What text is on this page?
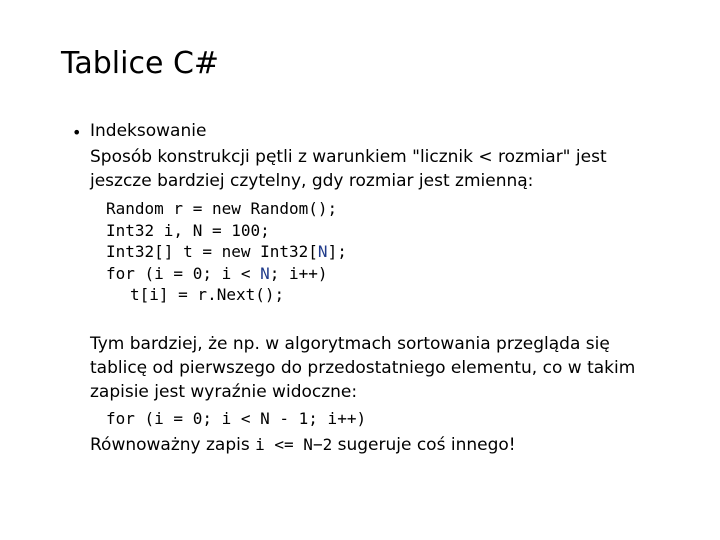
Tablice C#
• Indeksowanie
Sposób konstrukcji pętli z warunkiem "licznik < rozmiar" jest
jeszcze bardziej czytelny, gdy rozmiar jest zmienną:
Random r = new Random();
Int32 i, N = 100;
Int32[] t = new Int32[N];
for (i = 0; i < N; i++)
t[i] = r.Next();
Tym bardziej, że np. w algorytmach sortowania przegląda się
tablicę od pierwszego do przedostatniego elementu, co w takim
zapisie jest wyraźnie widoczne:
for (i = 0; i < N - 1; i++)
Równoważny zapis i <= N−2 sugeruje coś innego!
